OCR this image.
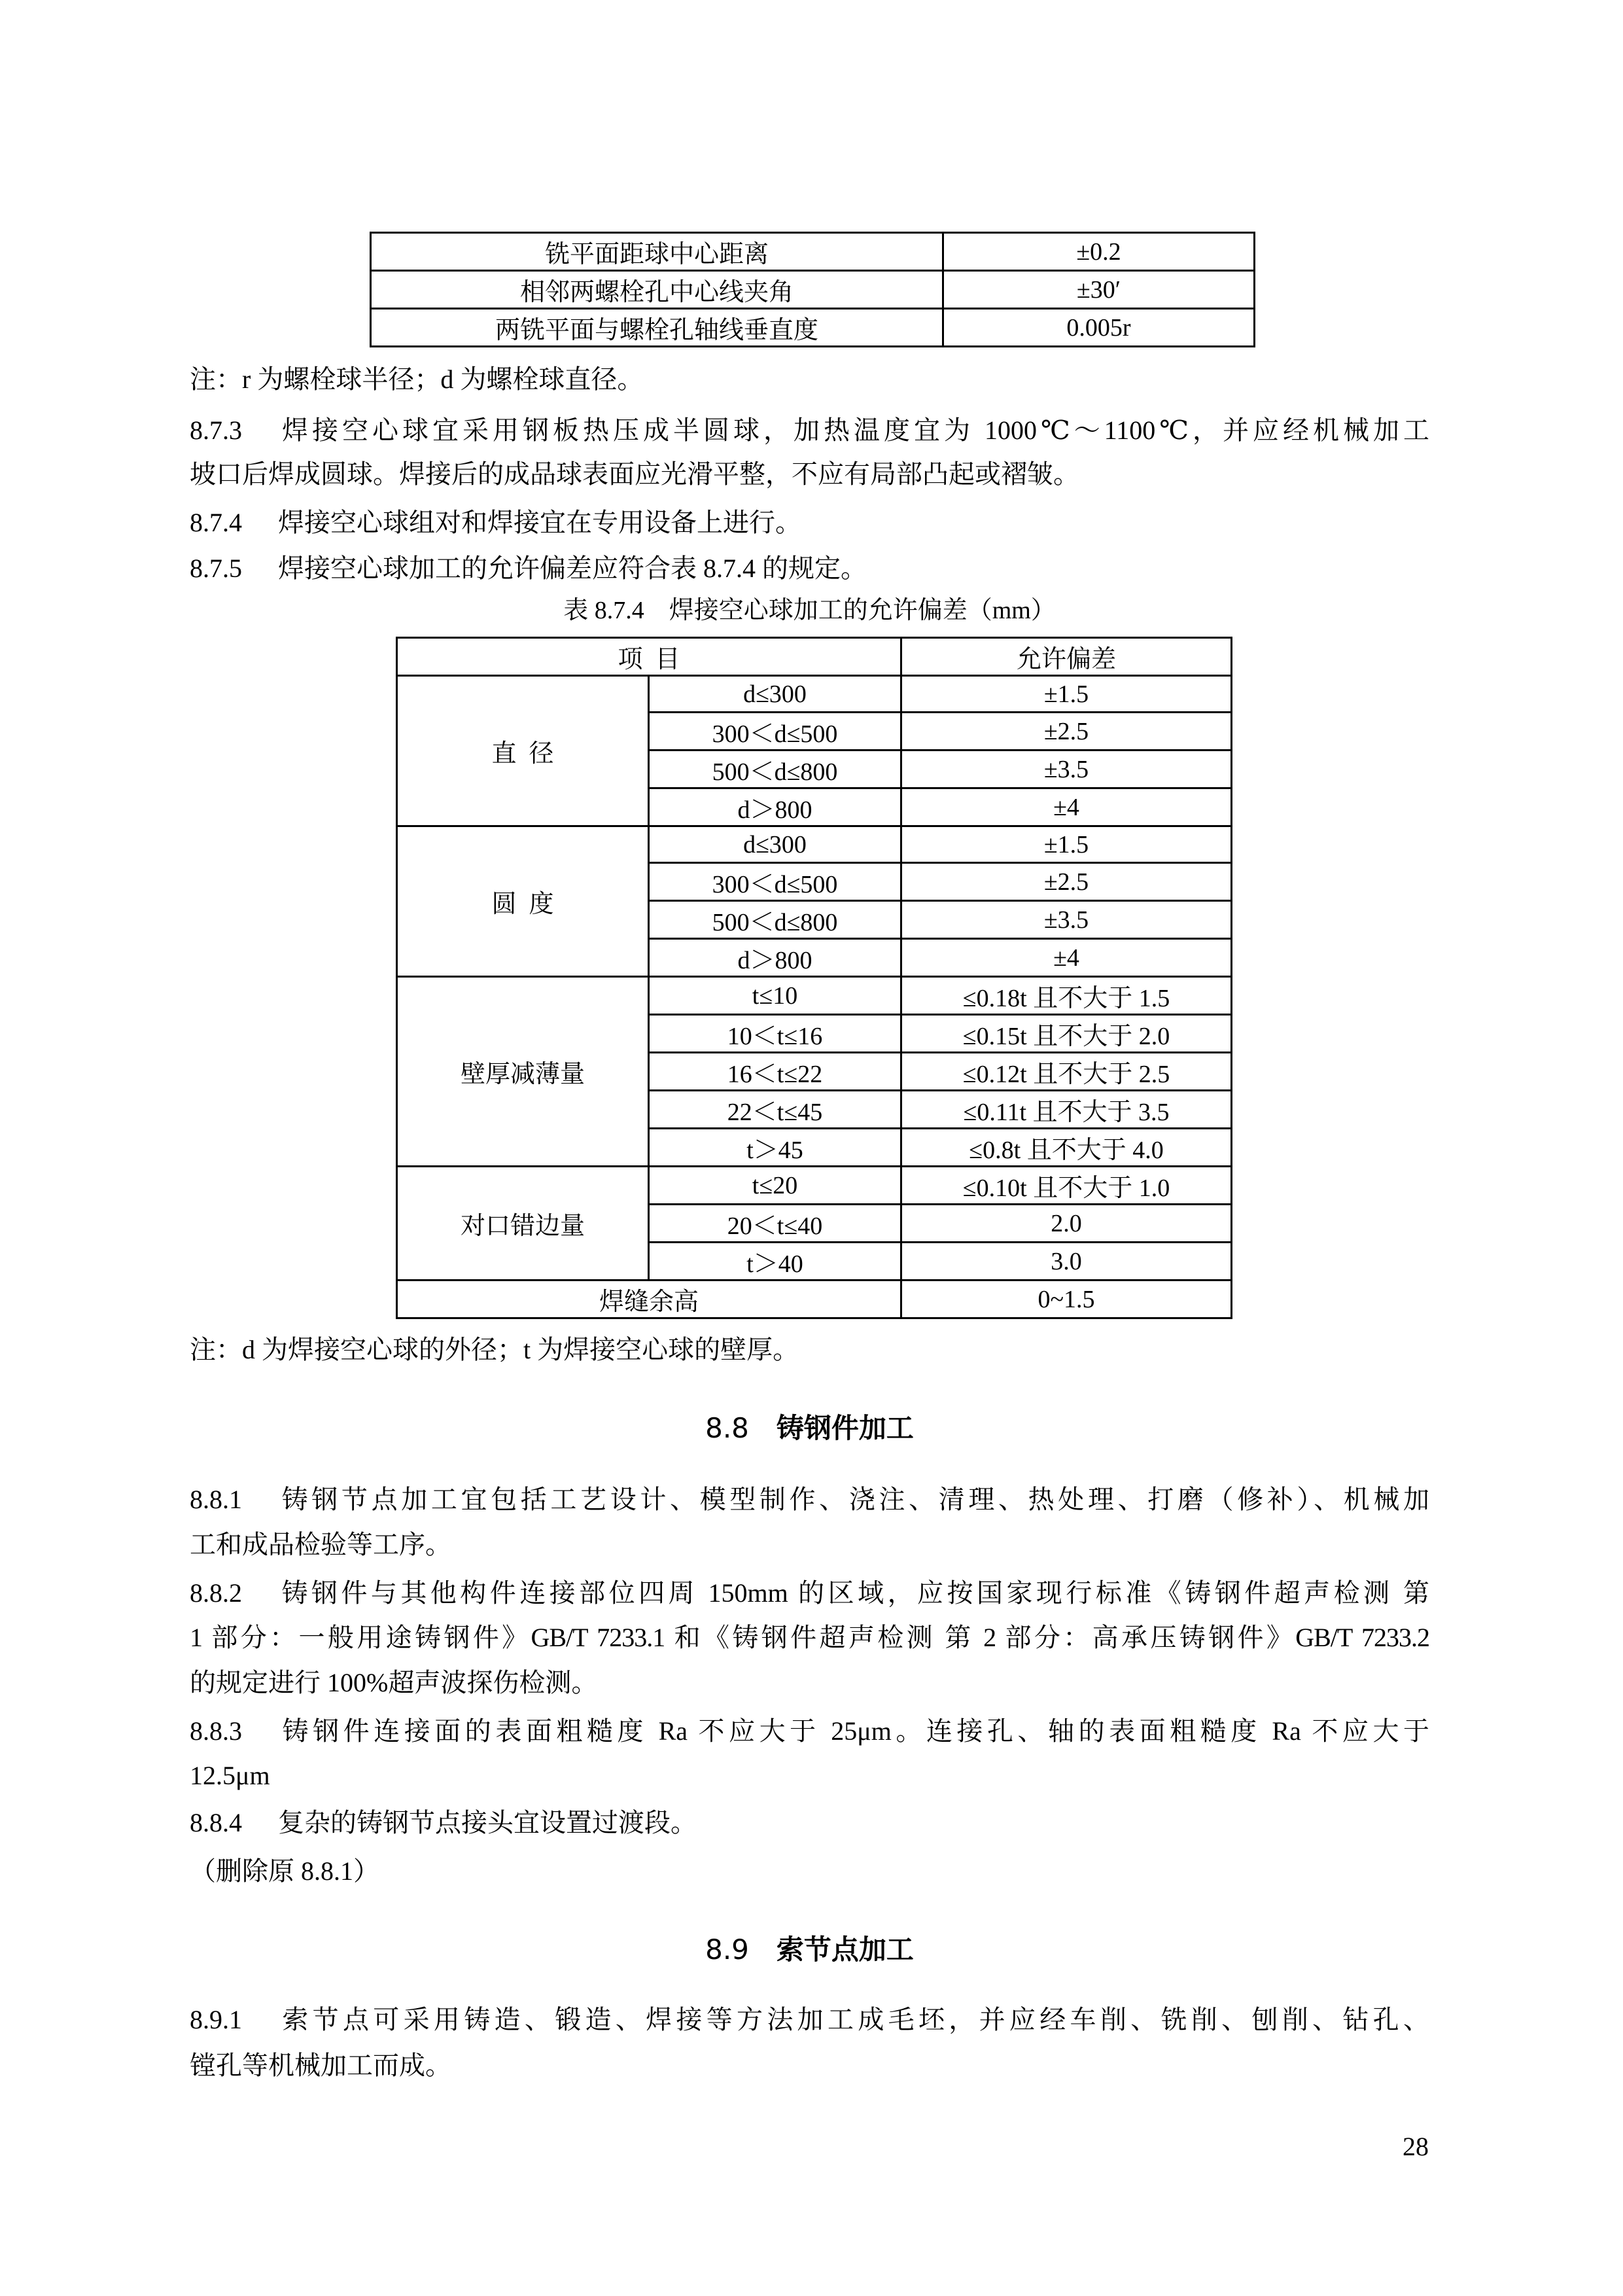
铣平面距球中心距离	±0.2
相邻两螺栓孔中心线夹角	±30′
两铣平面与螺栓孔轴线垂直度	0.005r
注：r 为螺栓球半径；d 为螺栓球直径。
8.7.3 焊接空心球宜采用钢板热压成半圆球，加热温度宜为 1000℃～1100℃，并应经机械加工
坡口后焊成圆球。焊接后的成品球表面应光滑平整，不应有局部凸起或褶皱。
8.7.4 焊接空心球组对和焊接宜在专用设备上进行。
8.7.5 焊接空心球加工的允许偏差应符合表 8.7.4 的规定。
表 8.7.4　焊接空心球加工的允许偏差（mm）
项  目		允许偏差
直  径	d≤300	±1.5
	300＜d≤500	±2.5
	500＜d≤800	±3.5
	d＞800	±4
圆  度	d≤300	±1.5
	300＜d≤500	±2.5
	500＜d≤800	±3.5
	d＞800	±4
壁厚减薄量	t≤10	≤0.18t 且不大于 1.5
	10＜t≤16	≤0.15t 且不大于 2.0
	16＜t≤22	≤0.12t 且不大于 2.5
	22＜t≤45	≤0.11t 且不大于 3.5
	t＞45	≤0.8t 且不大于 4.0
对口错边量	t≤20	≤0.10t 且不大于 1.0
	20＜t≤40	2.0
	t＞40	3.0
焊缝余高		0~1.5
注：d 为焊接空心球的外径；t 为焊接空心球的壁厚。
8.8 铸钢件加工
8.8.1 铸钢节点加工宜包括工艺设计、模型制作、浇注、清理、热处理、打磨（修补）、机械加
工和成品检验等工序。
8.8.2 铸钢件与其他构件连接部位四周 150mm 的区域，应按国家现行标准《铸钢件超声检测 第
1 部分：一般用途铸钢件》GB/T 7233.1 和《铸钢件超声检测 第 2 部分：高承压铸钢件》GB/T 7233.2
的规定进行 100%超声波探伤检测。
8.8.3 铸钢件连接面的表面粗糙度 Ra 不应大于 25μm。连接孔、轴的表面粗糙度 Ra 不应大于
12.5μm
8.8.4 复杂的铸钢节点接头宜设置过渡段。
（删除原 8.8.1）
8.9 索节点加工
8.9.1 索节点可采用铸造、锻造、焊接等方法加工成毛坯，并应经车削、铣削、刨削、钻孔、
镗孔等机械加工而成。
28
